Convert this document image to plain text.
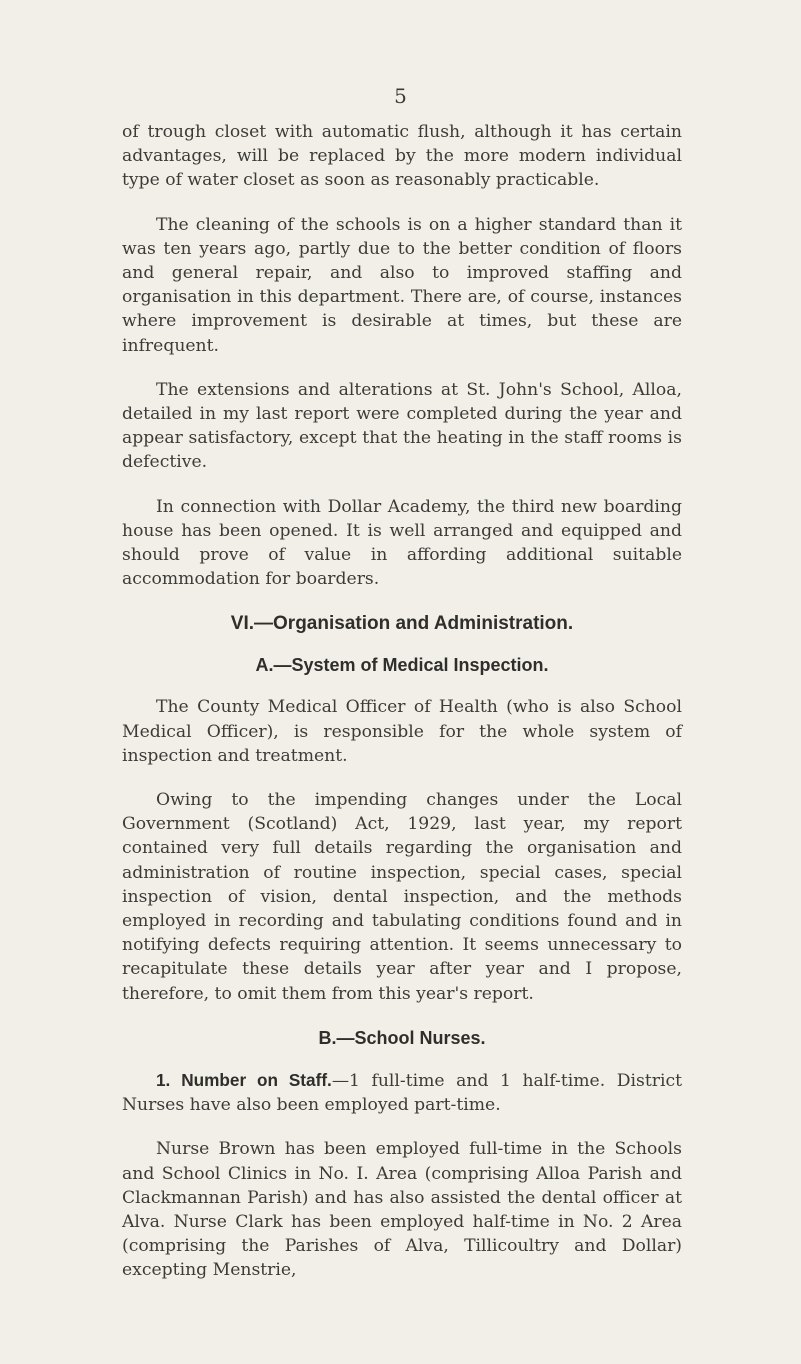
5

of trough closet with automatic flush, although it has certain advantages, will be replaced by the more modern individual type of water closet as soon as reasonably practicable.

The cleaning of the schools is on a higher standard than it was ten years ago, partly due to the better condition of floors and general repair, and also to improved staffing and organisation in this department. There are, of course, instances where improvement is desirable at times, but these are infrequent.

The extensions and alterations at St. John's School, Alloa, detailed in my last report were completed during the year and appear satisfactory, except that the heating in the staff rooms is defective.

In connection with Dollar Academy, the third new boarding house has been opened. It is well arranged and equipped and should prove of value in affording additional suitable accommodation for boarders.

VI.—Organisation and Administration.
A.—System of Medical Inspection.

The County Medical Officer of Health (who is also School Medical Officer), is responsible for the whole system of inspection and treatment.

Owing to the impending changes under the Local Government (Scotland) Act, 1929, last year, my report contained very full details regarding the organisation and administration of routine inspection, special cases, special inspection of vision, dental inspection, and the methods employed in recording and tabulating conditions found and in notifying defects requiring attention. It seems unnecessary to recapitulate these details year after year and I propose, therefore, to omit them from this year's report.

B.—School Nurses.

1. Number on Staff.—1 full-time and 1 half-time. District Nurses have also been employed part-time.

Nurse Brown has been employed full-time in the Schools and School Clinics in No. I. Area (comprising Alloa Parish and Clackmannan Parish) and has also assisted the dental officer at Alva. Nurse Clark has been employed half-time in No. 2 Area (comprising the Parishes of Alva, Tillicoultry and Dollar) excepting Menstrie,
